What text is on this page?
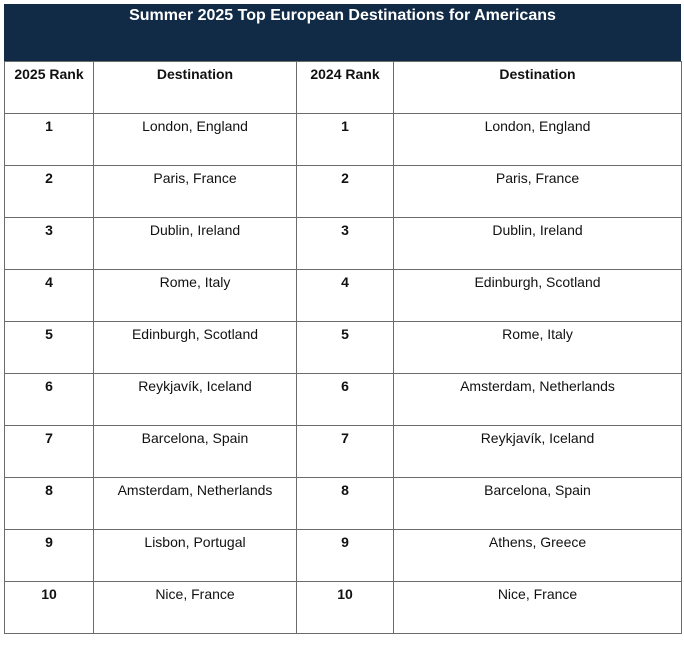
Summer 2025 Top European Destinations for Americans
2025 Rank	Destination	2024 Rank	Destination
1	London, England	1	London, England
2	Paris, France	2	Paris, France
3	Dublin, Ireland	3	Dublin, Ireland
4	Rome, Italy	4	Edinburgh, Scotland
5	Edinburgh, Scotland	5	Rome, Italy
6	Reykjavík, Iceland	6	Amsterdam, Netherlands
7	Barcelona, Spain	7	Reykjavík, Iceland
8	Amsterdam, Netherlands	8	Barcelona, Spain
9	Lisbon, Portugal	9	Athens, Greece
10	Nice, France	10	Nice, France
